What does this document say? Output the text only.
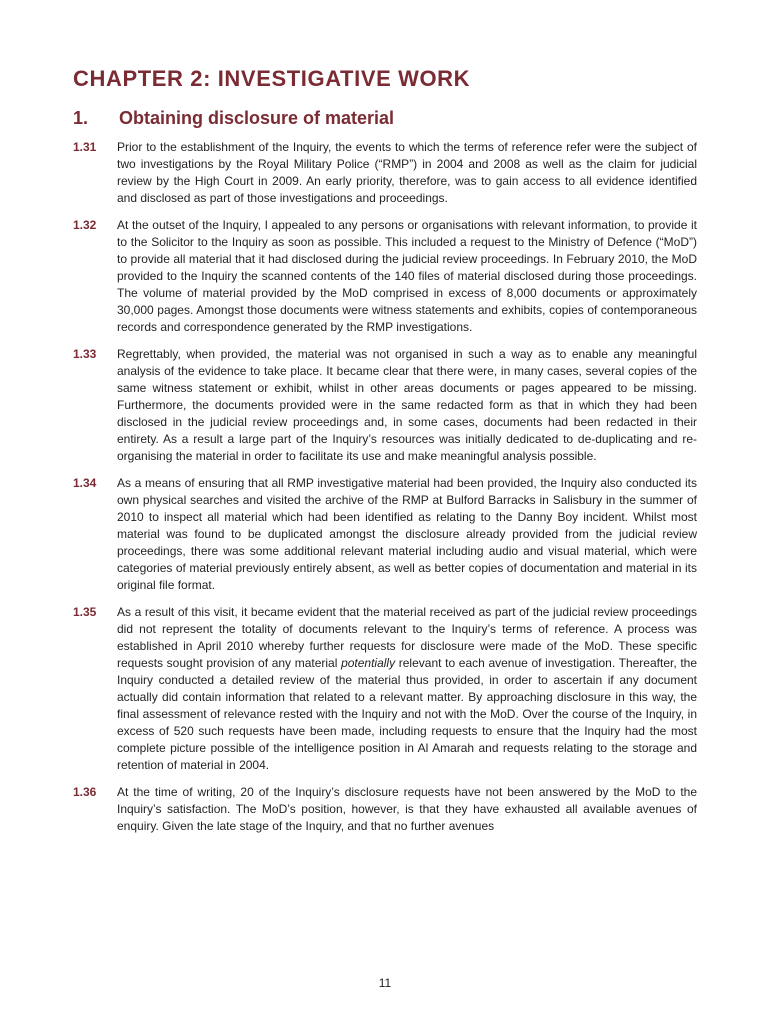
CHAPTER 2: INVESTIGATIVE WORK
1. Obtaining disclosure of material
1.31 Prior to the establishment of the Inquiry, the events to which the terms of reference refer were the subject of two investigations by the Royal Military Police (“RMP”) in 2004 and 2008 as well as the claim for judicial review by the High Court in 2009. An early priority, therefore, was to gain access to all evidence identified and disclosed as part of those investigations and proceedings.
1.32 At the outset of the Inquiry, I appealed to any persons or organisations with relevant information, to provide it to the Solicitor to the Inquiry as soon as possible. This included a request to the Ministry of Defence (“MoD”) to provide all material that it had disclosed during the judicial review proceedings. In February 2010, the MoD provided to the Inquiry the scanned contents of the 140 files of material disclosed during those proceedings. The volume of material provided by the MoD comprised in excess of 8,000 documents or approximately 30,000 pages. Amongst those documents were witness statements and exhibits, copies of contemporaneous records and correspondence generated by the RMP investigations.
1.33 Regrettably, when provided, the material was not organised in such a way as to enable any meaningful analysis of the evidence to take place. It became clear that there were, in many cases, several copies of the same witness statement or exhibit, whilst in other areas documents or pages appeared to be missing. Furthermore, the documents provided were in the same redacted form as that in which they had been disclosed in the judicial review proceedings and, in some cases, documents had been redacted in their entirety. As a result a large part of the Inquiry’s resources was initially dedicated to de-duplicating and re-organising the material in order to facilitate its use and make meaningful analysis possible.
1.34 As a means of ensuring that all RMP investigative material had been provided, the Inquiry also conducted its own physical searches and visited the archive of the RMP at Bulford Barracks in Salisbury in the summer of 2010 to inspect all material which had been identified as relating to the Danny Boy incident. Whilst most material was found to be duplicated amongst the disclosure already provided from the judicial review proceedings, there was some additional relevant material including audio and visual material, which were categories of material previously entirely absent, as well as better copies of documentation and material in its original file format.
1.35 As a result of this visit, it became evident that the material received as part of the judicial review proceedings did not represent the totality of documents relevant to the Inquiry’s terms of reference. A process was established in April 2010 whereby further requests for disclosure were made of the MoD. These specific requests sought provision of any material potentially relevant to each avenue of investigation. Thereafter, the Inquiry conducted a detailed review of the material thus provided, in order to ascertain if any document actually did contain information that related to a relevant matter. By approaching disclosure in this way, the final assessment of relevance rested with the Inquiry and not with the MoD. Over the course of the Inquiry, in excess of 520 such requests have been made, including requests to ensure that the Inquiry had the most complete picture possible of the intelligence position in Al Amarah and requests relating to the storage and retention of material in 2004.
1.36 At the time of writing, 20 of the Inquiry’s disclosure requests have not been answered by the MoD to the Inquiry’s satisfaction. The MoD’s position, however, is that they have exhausted all available avenues of enquiry. Given the late stage of the Inquiry, and that no further avenues
11
